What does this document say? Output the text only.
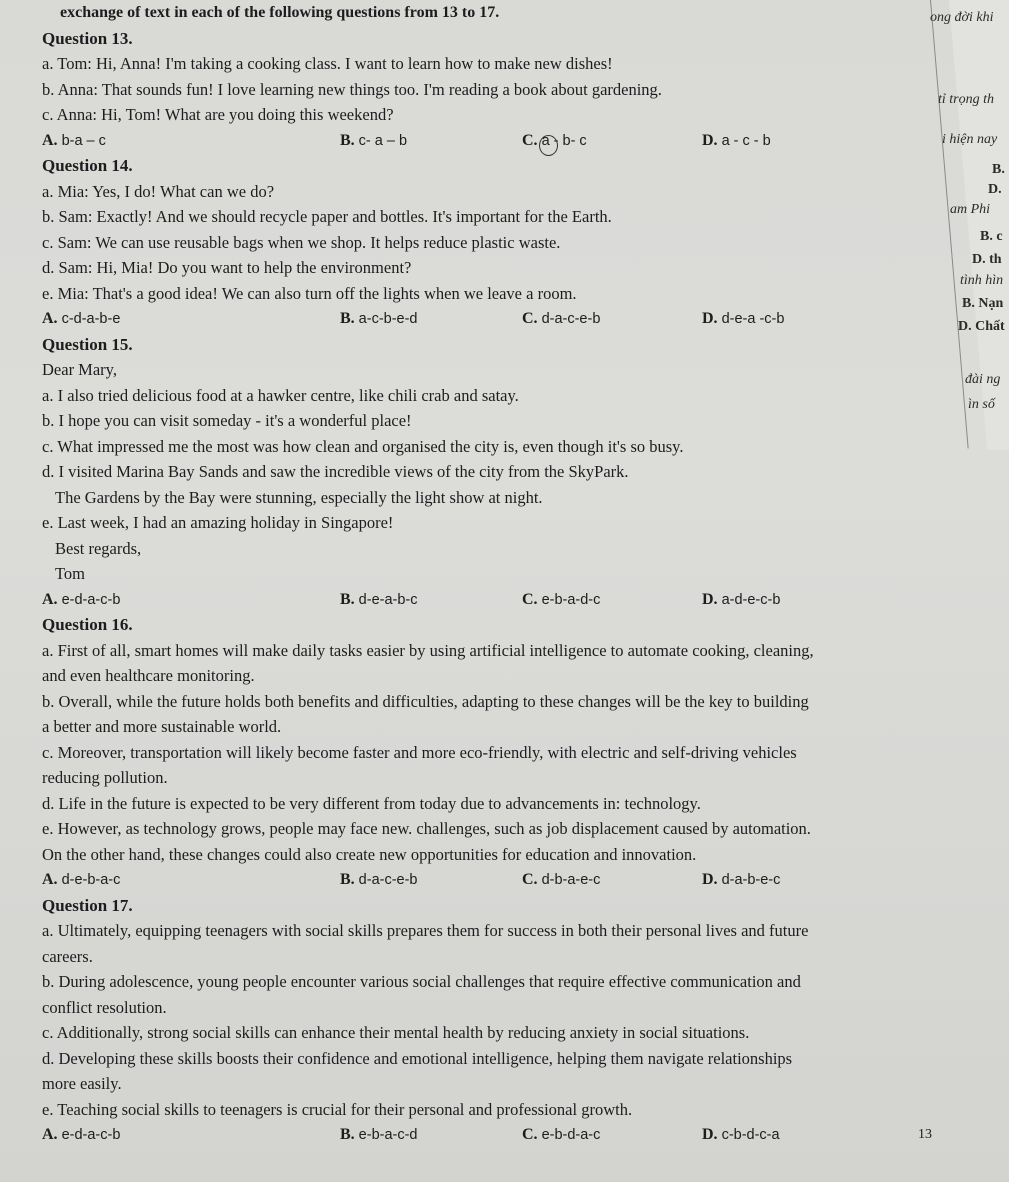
ong đời khi
tỉ trọng th
i hiện nay
B.
D.
am Phi
B. c
D. th
tình hìn
B. Nạn
D. Chất
đài ng
ìn số
exchange of text in each of the following questions from 13 to 17.
Question 13.
a. Tom: Hi, Anna! I'm taking a cooking class. I want to learn how to make new dishes!
b. Anna: That sounds fun! I love learning new things too. I'm reading a book about gardening.
c. Anna: Hi, Tom! What are you doing this weekend?
A. b-a – c	B. c- a – b	C. a - b- c	D. a - c - b
Question 14.
a. Mia: Yes, I do! What can we do?
b. Sam: Exactly! And we should recycle paper and bottles. It's important for the Earth.
c. Sam: We can use reusable bags when we shop. It helps reduce plastic waste.
d. Sam: Hi, Mia! Do you want to help the environment?
e. Mia: That's a good idea! We can also turn off the lights when we leave a room.
A. c-d-a-b-e	B. a-c-b-e-d	C. d-a-c-e-b	D. d-e-a -c-b
Question 15.
Dear Mary,
a. I also tried delicious food at a hawker centre, like chili crab and satay.
b. I hope you can visit someday - it's a wonderful place!
c. What impressed me the most was how clean and organised the city is, even though it's so busy.
d. I visited Marina Bay Sands and saw the incredible views of the city from the SkyPark.
The Gardens by the Bay were stunning, especially the light show at night.
e. Last week, I had an amazing holiday in Singapore!
Best regards,
Tom
A. e-d-a-c-b	B. d-e-a-b-c	C. e-b-a-d-c	D. a-d-e-c-b
Question 16.
a. First of all, smart homes will make daily tasks easier by using artificial intelligence to automate cooking, cleaning,
and even healthcare monitoring.
b. Overall, while the future holds both benefits and difficulties, adapting to these changes will be the key to building
a better and more sustainable world.
c. Moreover, transportation will likely become faster and more eco-friendly, with electric and self-driving vehicles
reducing pollution.
d. Life in the future is expected to be very different from today due to advancements in: technology.
e. However, as technology grows, people may face new. challenges, such as job displacement caused by automation.
On the other hand, these changes could also create new opportunities for education and innovation.
A. d-e-b-a-c	B. d-a-c-e-b	C. d-b-a-e-c	D. d-a-b-e-c
Question 17.
a. Ultimately, equipping teenagers with social skills prepares them for success in both their personal lives and future
careers.
b. During adolescence, young people encounter various social challenges that require effective communication and
conflict resolution.
c. Additionally, strong social skills can enhance their mental health by reducing anxiety in social situations.
d. Developing these skills boosts their confidence and emotional intelligence, helping them navigate relationships
more easily.
e. Teaching social skills to teenagers is crucial for their personal and professional growth.
A. e-d-a-c-b	B. e-b-a-c-d	C. e-b-d-a-c	D. c-b-d-c-a	13
